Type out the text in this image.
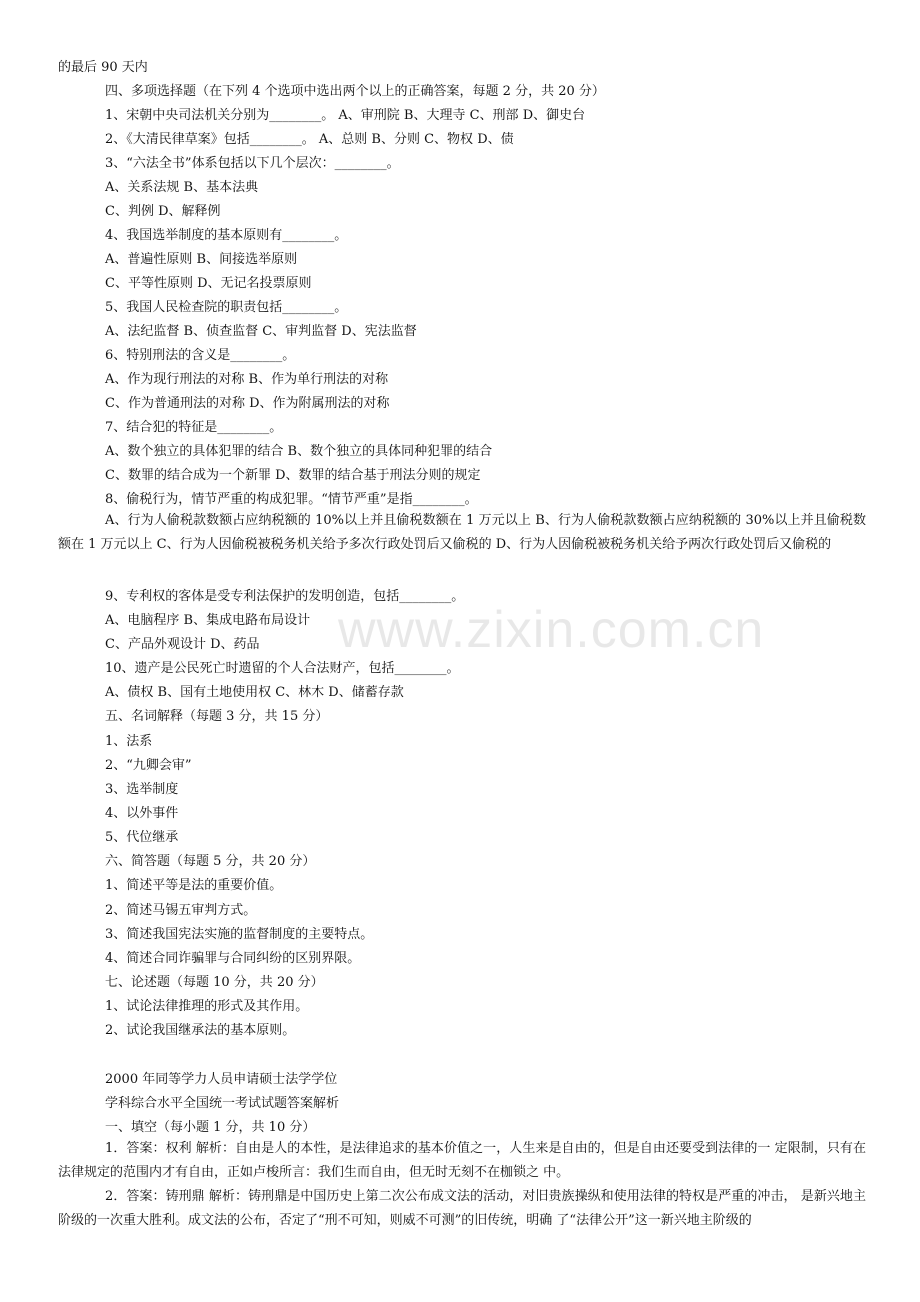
www.zixin.com.cn

的最后 90 天内

四、多项选择题（在下列 4 个选项中选出两个以上的正确答案，每题 2 分，共 20 分）

1、宋朝中央司法机关分别为________。 A、审刑院 B、大理寺 C、刑部 D、御史台

2、《大清民律草案》包括________。 A、总则 B、分则 C、物权 D、债

3、“六法全书”体系包括以下几个层次：________。

A、关系法规 B、基本法典

C、判例 D、解释例

4、我国选举制度的基本原则有________。

A、普遍性原则 B、间接选举原则

C、平等性原则 D、无记名投票原则

5、我国人民检查院的职责包括________。

A、法纪监督 B、侦查监督 C、审判监督 D、宪法监督

6、特别刑法的含义是________。

A、作为现行刑法的对称 B、作为单行刑法的对称

C、作为普通刑法的对称 D、作为附属刑法的对称

7、结合犯的特征是________。

A、数个独立的具体犯罪的结合 B、数个独立的具体同种犯罪的结合

C、数罪的结合成为一个新罪 D、数罪的结合基于刑法分则的规定

8、偷税行为，情节严重的构成犯罪。“情节严重”是指________。

A、行为人偷税款数额占应纳税额的 10%以上并且偷税数额在 1 万元以上 B、行为人偷税款数额占应纳税额的 30%以上并且偷税数额在 1 万元以上 C、行为人因偷税被税务机关给予多次行政处罚后又偷税的 D、行为人因偷税被税务机关给予两次行政处罚后又偷税的

9、专利权的客体是受专利法保护的发明创造，包括________。

A、电脑程序 B、集成电路布局设计

C、产品外观设计 D、药品

10、遗产是公民死亡时遗留的个人合法财产，包括________。

A、债权 B、国有土地使用权 C、林木 D、储蓄存款

五、名词解释（每题 3 分，共 15 分）

1、法系

2、“九卿会审”

3、选举制度

4、以外事件

5、代位继承

六、简答题（每题 5 分，共 20 分）

1、简述平等是法的重要价值。

2、简述马锡五审判方式。

3、简述我国宪法实施的监督制度的主要特点。

4、简述合同诈骗罪与合同纠纷的区别界限。

七、论述题（每题 10 分，共 20 分）

1、试论法律推理的形式及其作用。

2、试论我国继承法的基本原则。

2000 年同等学力人员申请硕士法学学位

学科综合水平全国统一考试试题答案解析

一、填空（每小题 1 分，共 10 分）

1．答案：权利 解析：自由是人的本性，是法律追求的基本价值之一，人生来是自由的，但是自由还要受到法律的一 定限制，只有在法律规定的范围内才有自由，正如卢梭所言：我们生而自由，但无时无刻不在枷锁之 中。

2．答案：铸刑鼎 解析：铸刑鼎是中国历史上第二次公布成文法的活动，对旧贵族操纵和使用法律的特权是严重的冲击， 是新兴地主阶级的一次重大胜利。成文法的公布，否定了“刑不可知，则威不可测”的旧传统，明确 了“法律公开”这一新兴地主阶级的
